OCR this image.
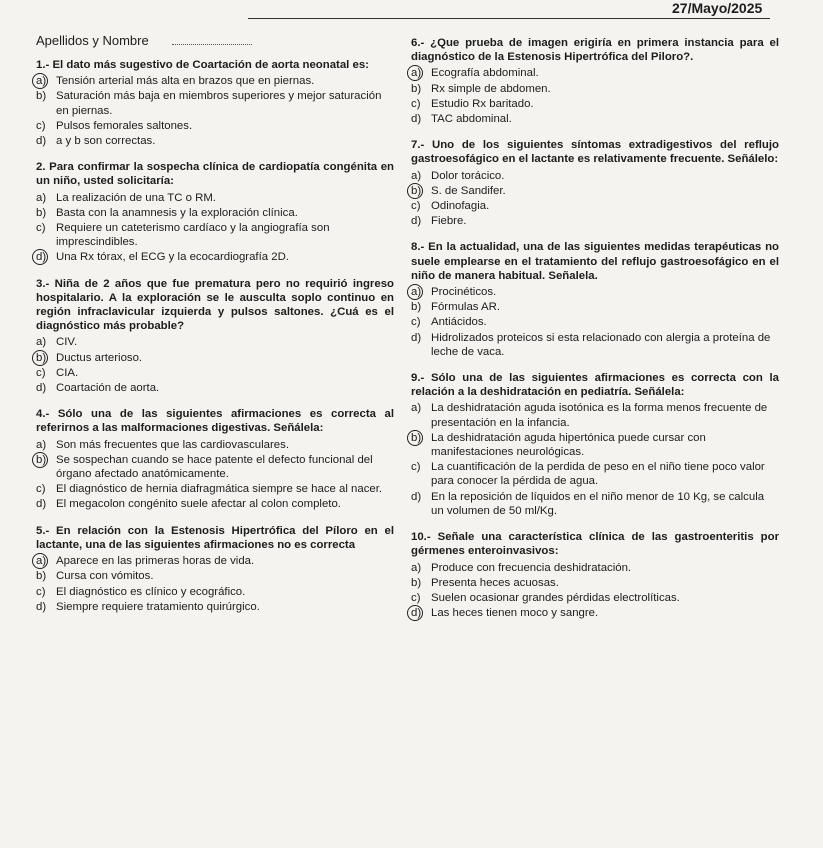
27/Mayo/2025
Apellidos y Nombre
1.- El dato más sugestivo de Coartación de aorta neonatal es:
a) Tensión arterial más alta en brazos que en piernas.
b) Saturación más baja en miembros superiores y mejor saturación en piernas.
c) Pulsos femorales saltones.
d) a y b son correctas.
2. Para confirmar la sospecha clínica de cardiopatía congénita en un niño, usted solicitaría:
a) La realización de una TC o RM.
b) Basta con la anamnesis y la exploración clínica.
c) Requiere un cateterismo cardíaco y la angiografía son imprescindibles.
d) Una Rx tórax, el ECG y la ecocardiografía 2D.
3.- Niña de 2 años que fue prematura pero no requirió ingreso hospitalario. A la exploración se le ausculta soplo continuo en región infraclavicular izquierda y pulsos saltones. ¿Cuá es el diagnóstico más probable?
a) CIV.
b) Ductus arterioso.
c) CIA.
d) Coartación de aorta.
4.- Sólo una de las siguientes afirmaciones es correcta al referirnos a las malformaciones digestivas. Señálela:
a) Son más frecuentes que las cardiovasculares.
b) Se sospechan cuando se hace patente el defecto funcional del órgano afectado anatómicamente.
c) El diagnóstico de hernia diafragmática siempre se hace al nacer.
d) El megacolon congénito suele afectar al colon completo.
5.- En relación con la Estenosis Hipertrófica del Píloro en el lactante, una de las siguientes afirmaciones no es correcta
a) Aparece en las primeras horas de vida.
b) Cursa con vómitos.
c) El diagnóstico es clínico y ecográfico.
d) Siempre requiere tratamiento quirúrgico.
6.- ¿Que prueba de imagen erigiría en primera instancia para el diagnóstico de la Estenosis Hipertrófica del Piloro?.
a) Ecografía abdominal.
b) Rx simple de abdomen.
c) Estudio Rx baritado.
d) TAC abdominal.
7.- Uno de los siguientes síntomas extradigestivos del reflujo gastroesofágico en el lactante es relativamente frecuente. Señálelo:
a) Dolor torácico.
b) S. de Sandifer.
c) Odinofagia.
d) Fiebre.
8.- En la actualidad, una de las siguientes medidas terapéuticas no suele emplearse en el tratamiento del reflujo gastroesofágico en el niño de manera habitual. Señalela.
a) Procinéticos.
b) Fórmulas AR.
c) Antiácidos.
d) Hidrolizados proteicos si esta relacionado con alergia a proteína de leche de vaca.
9.- Sólo una de las siguientes afirmaciones es correcta con la relación a la deshidratación en pediatría. Señálela:
a) La deshidratación aguda isotónica es la forma menos frecuente de presentación en la infancia.
b) La deshidratación aguda hipertónica puede cursar con manifestaciones neurológicas.
c) La cuantificación de la perdida de peso en el niño tiene poco valor para conocer la pérdida de agua.
d) En la reposición de líquidos en el niño menor de 10 Kg, se calcula un volumen de 50 ml/Kg.
10.- Señale una característica clínica de las gastroenteritis por gérmenes enteroinvasivos:
a) Produce con frecuencia deshidratación.
b) Presenta heces acuosas.
c) Suelen ocasionar grandes pérdidas electrolíticas.
d) Las heces tienen moco y sangre.
